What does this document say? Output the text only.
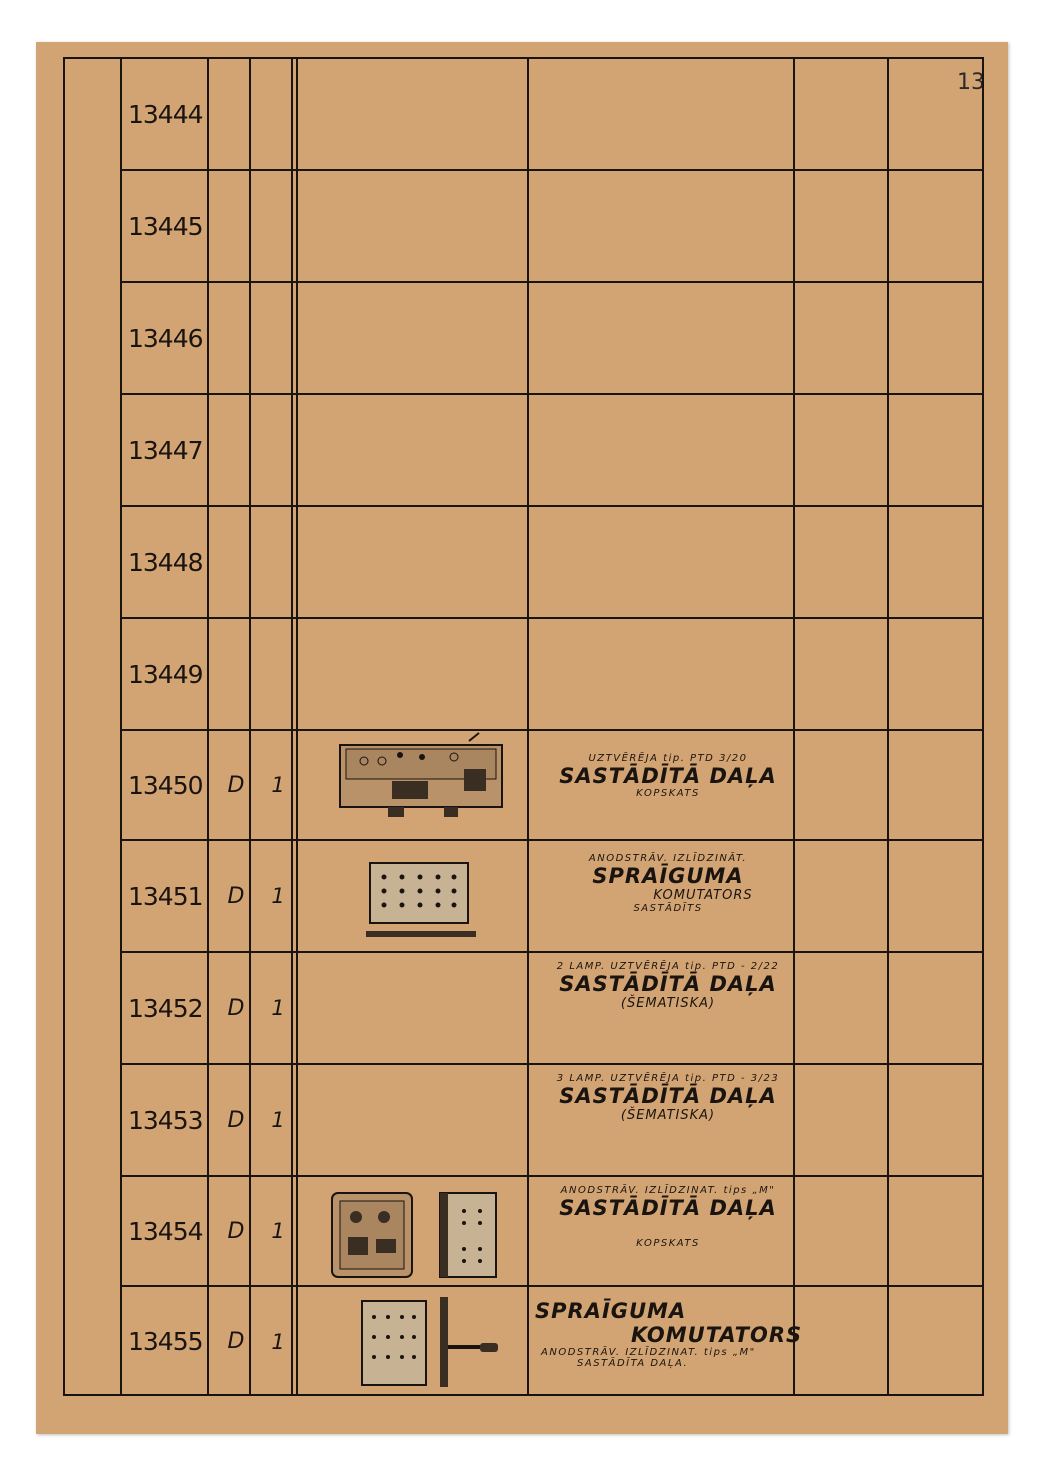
13
13444
13445
13446
13447
13448
13449
13450	D	1
UZTVĒRĒJA tip. PTD 3/20
SASTĀDĪTĀ DAĻA
KOPSKATS
13451	D	1
ANODSTRĀV. IZLĪDZINĀT.
SPRAĪGUMA
KOMUTATORS
SASTĀDĪTS
13452	D	1
2 LAMP. UZTVĒRĒJA tip. PTD - 2/22
SASTĀDĪTĀ DAĻA
(ŠEMATISKA)
13453	D	1
3 LAMP. UZTVĒRĒJA tip. PTD - 3/23
SASTĀDĪTĀ DAĻA
(ŠEMATISKA)
13454	D	1
ANODSTRĀV. IZLĪDZINAT. tips „M"
SASTĀDĪTĀ DAĻA
KOPSKATS
13455	D	1
SPRAĪGUMA
KOMUTATORS
ANODSTRĀV. IZLĪDZINAT. tips „M"
SASTĀDĪTA DAĻA.
